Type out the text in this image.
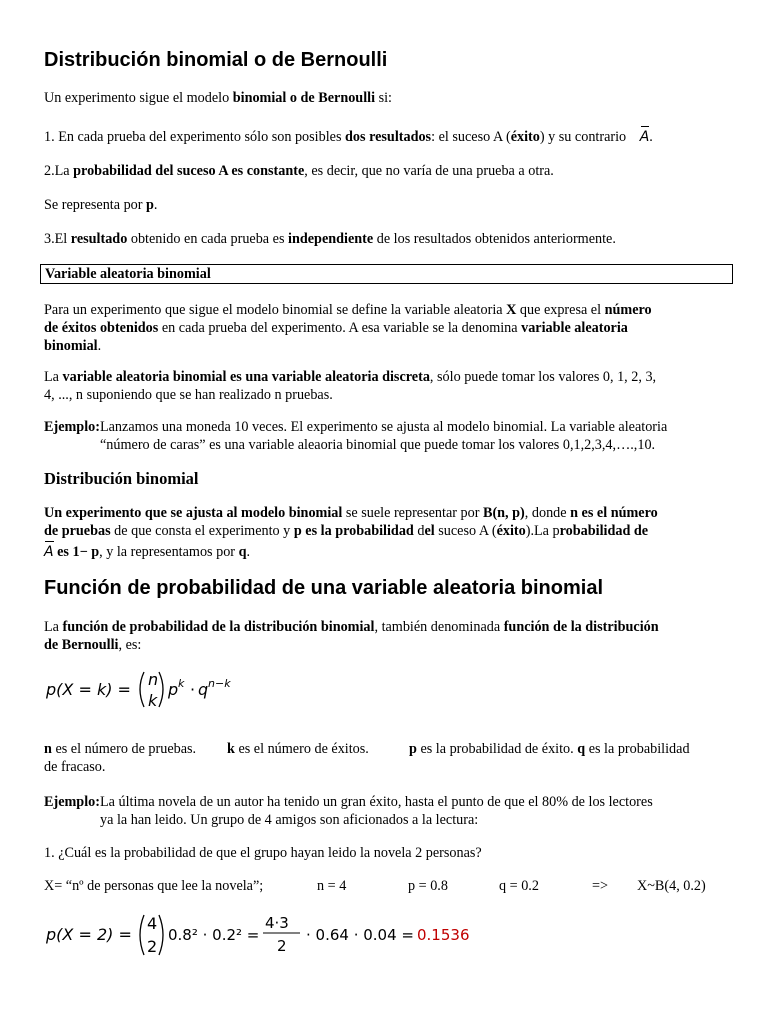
Distribución binomial o de Bernoulli
Un experimento sigue el modelo binomial o de Bernoulli si:
1. En cada prueba del experimento sólo son posibles dos resultados: el suceso A (éxito) y su contrario A.
2.La probabilidad del suceso A es constante, es decir, que no varía de una prueba a otra.
Se representa por p.
3.El resultado obtenido en cada prueba es independiente de los resultados obtenidos anteriormente.
Variable aleatoria binomial
Para un experimento que sigue el modelo binomial se define la variable aleatoria X que expresa el número
de éxitos obtenidos en cada prueba del experimento. A esa variable se la denomina variable aleatoria
binomial.
La variable aleatoria binomial es una variable aleatoria discreta, sólo puede tomar los valores 0, 1, 2, 3,
4, ..., n suponiendo que se han realizado n pruebas.
Ejemplo:Lanzamos una moneda 10 veces. El experimento se ajusta al modelo binomial. La variable aleatoria
“número de caras” es una variable aleaoria binomial que puede tomar los valores 0,1,2,3,4,….,10.
Distribución binomial
Un experimento que se ajusta al modelo binomial se suele representar por B(n, p), donde n es el número
de pruebas de que consta el experimento y p es la probabilidad del suceso A (éxito).La probabilidad de
A es 1− p, y la representamos por q.
Función de probabilidad de una variable aleatoria binomial
La función de probabilidad de la distribución binomial, también denominada función de la distribución
de Bernoulli, es:
p(X = k) =
n
k
p k · q n−k
n es el número de pruebas. k es el número de éxitos.	p es la probabilidad de éxito. q es la probabilidad
de fracaso.
Ejemplo:La última novela de un autor ha tenido un gran éxito, hasta el punto de que el 80% de los lectores
ya la han leido. Un grupo de 4 amigos son aficionados a la lectura:
1. ¿Cuál es la probabilidad de que el grupo hayan leido la novela 2 personas?
X= “nº de personas que lee la novela”;	n = 4	p = 0.8	q = 0.2	=> X~B(4, 0.2)
p(X = 2) =
4
2
0.8² · 0.2² =
4·3
2
· 0.64 · 0.04 = 0.1536
